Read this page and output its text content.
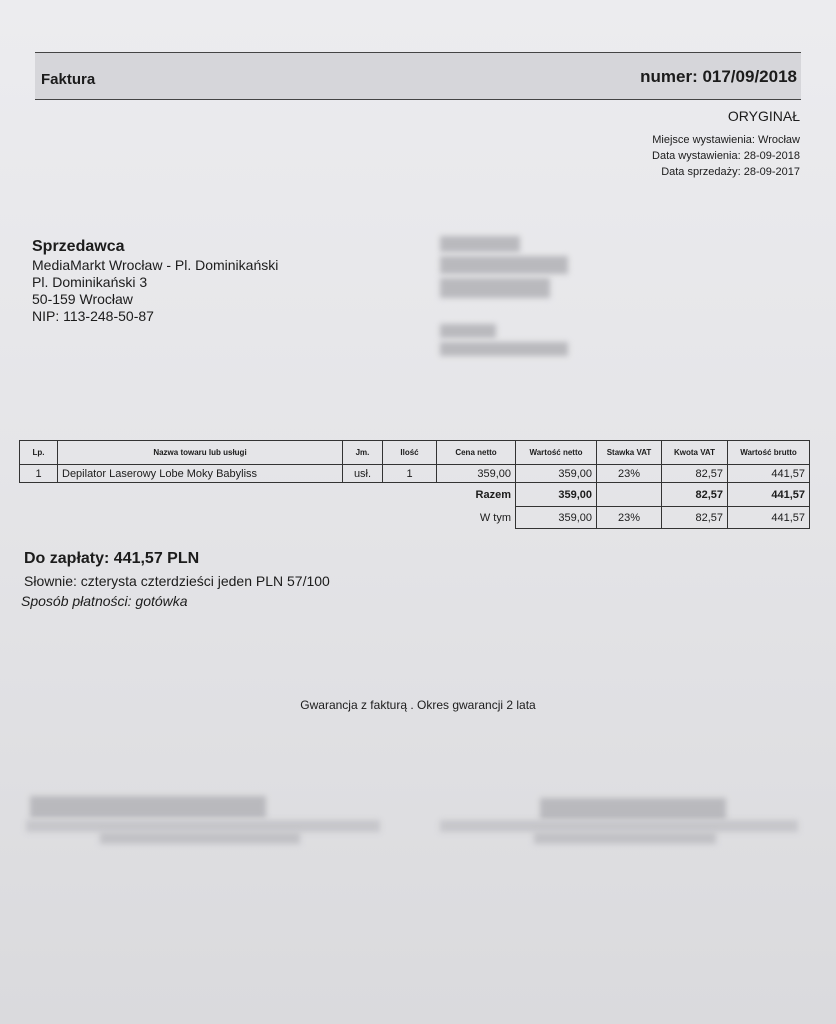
Faktura	numer: 017/09/2018
ORYGINAŁ
Miejsce wystawienia: Wrocław
Data wystawienia: 28-09-2018
Data sprzedaży: 28-09-2017
Sprzedawca
MediaMarkt Wrocław - Pl. Dominikański
Pl. Dominikański 3
50-159 Wrocław
NIP: 113-248-50-87
Lp.	Nazwa towaru lub usługi	Jm.	Ilość	Cena netto	Wartość netto	Stawka VAT	Kwota VAT	Wartość brutto
1	Depilator Laserowy Lobe Moky Babyliss	usł.	1	359,00	359,00	23%	82,57	441,57
				Razem	359,00		82,57	441,57
				W tym	359,00	23%	82,57	441,57
Do zapłaty: 441,57 PLN
Słownie: czterysta czterdzieści jeden PLN 57/100
Sposób płatności: gotówka
Gwarancja z fakturą . Okres gwarancji 2 lata
